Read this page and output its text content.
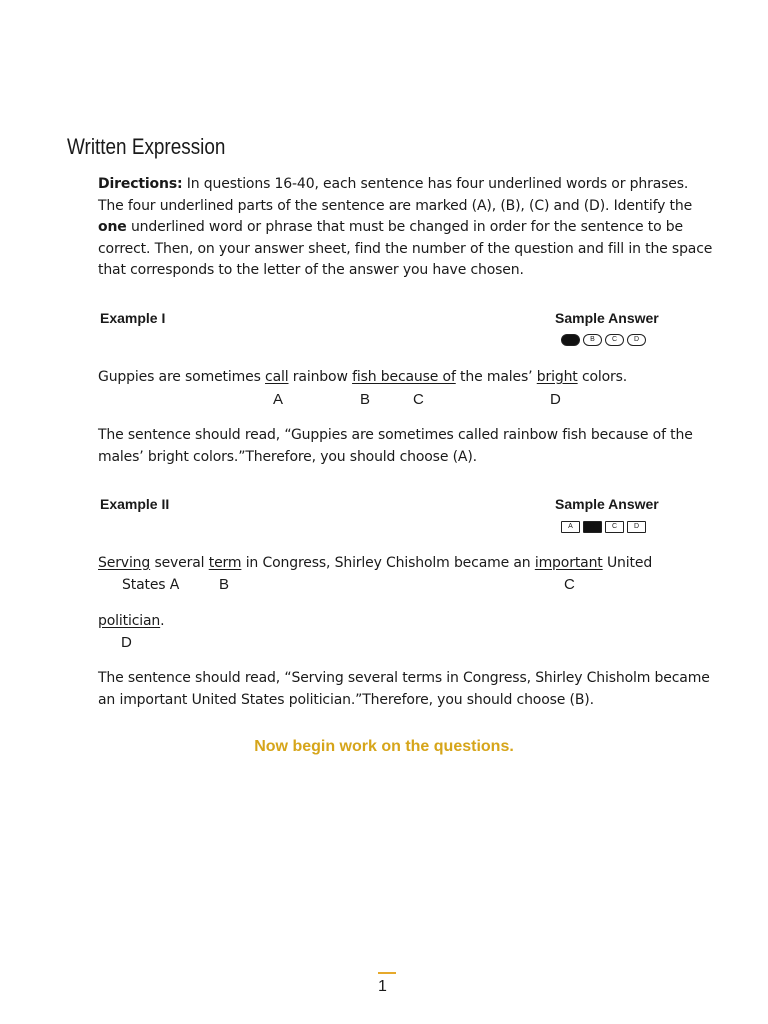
Written Expression
Directions: In questions 16-40, each sentence has four underlined words or phrases. The four underlined parts of the sentence are marked (A), (B), (C) and (D). Identify the one underlined word or phrase that must be changed in order for the sentence to be correct. Then, on your answer sheet, find the number of the question and fill in the space that corresponds to the letter of the answer you have chosen.
Example I	Sample Answer
A	B	C	D
Guppies are sometimes call rainbow fish because of the males’ bright colors.
A	B	C	D
The sentence should read, “Guppies are sometimes called rainbow fish because of the males’ bright colors.”Therefore, you should choose (A).
Example II	Sample Answer
A	B	C	D
Serving several term in Congress, Shirley Chisholm became an important United
States A	B	C
politician.
D
The sentence should read, “Serving several terms in Congress, Shirley Chisholm became an important United States politician.”Therefore, you should choose (B).
Now begin work on the questions.
1
